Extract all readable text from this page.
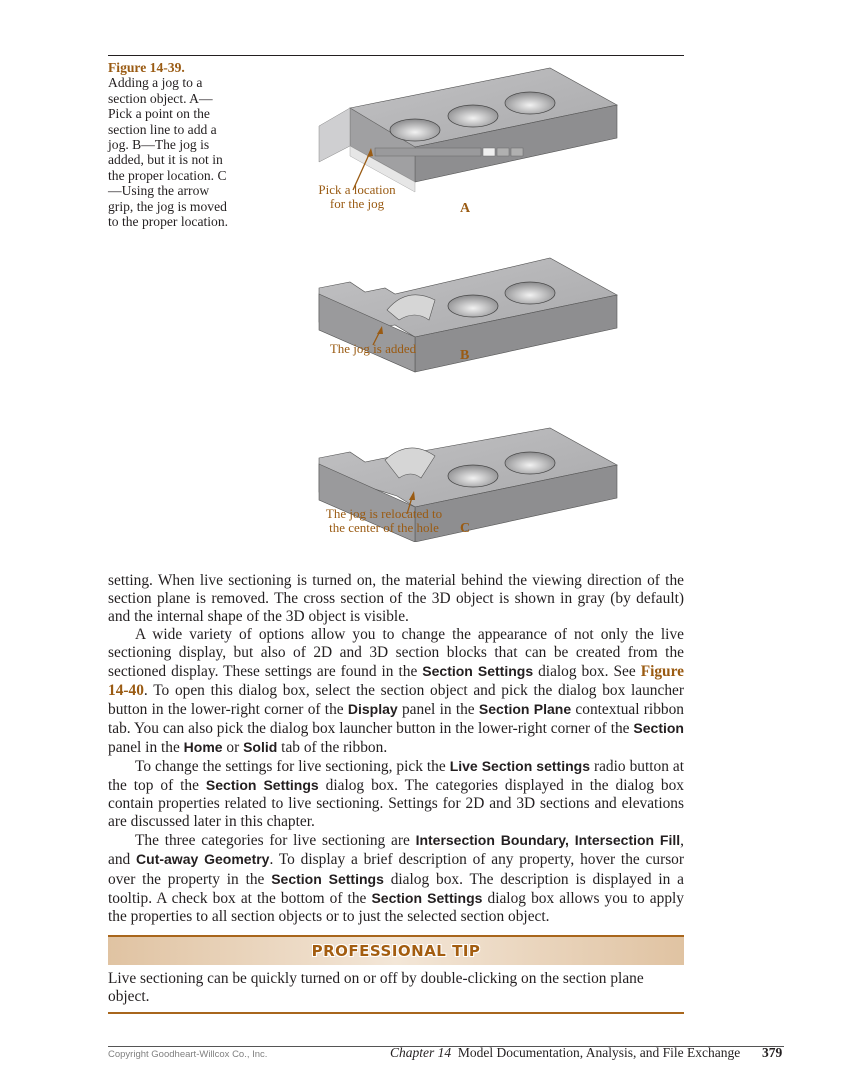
Figure 14-39.
Adding a jog to a section object. A—Pick a point on the section line to add a jog. B—The jog is added, but it is not in the proper location. C—Using the arrow grip, the jog is moved to the proper location.
Pick a location
for the jog	A
The jog is added	B
The jog is relocated to
the center of the hole	C

setting. When live sectioning is turned on, the material behind the viewing direction of the section plane is removed. The cross section of the 3D object is shown in gray (by default) and the internal shape of the 3D object is visible.

A wide variety of options allow you to change the appearance of not only the live sectioning display, but also of 2D and 3D section blocks that can be created from the sectioned display. These settings are found in the Section Settings dialog box. See Figure 14-40. To open this dialog box, select the section object and pick the dialog box launcher button in the lower-right corner of the Display panel in the Section Plane contextual ribbon tab. You can also pick the dialog box launcher button in the lower-right corner of the Section panel in the Home or Solid tab of the ribbon.

To change the settings for live sectioning, pick the Live Section settings radio button at the top of the Section Settings dialog box. The categories displayed in the dialog box contain properties related to live sectioning. Settings for 2D and 3D sections and elevations are discussed later in this chapter.

The three categories for live sectioning are Intersection Boundary, Intersection Fill, and Cut-away Geometry. To display a brief description of any property, hover the cursor over the property in the Section Settings dialog box. The description is displayed in a tooltip. A check box at the bottom of the Section Settings dialog box allows you to apply the properties to all section objects or to just the selected section object.

PROFESSIONAL TIP
Live sectioning can be quickly turned on or off by double-clicking on the section plane object.
Copyright Goodheart-Willcox Co., Inc.	Chapter 14 Model Documentation, Analysis, and File Exchange 379
